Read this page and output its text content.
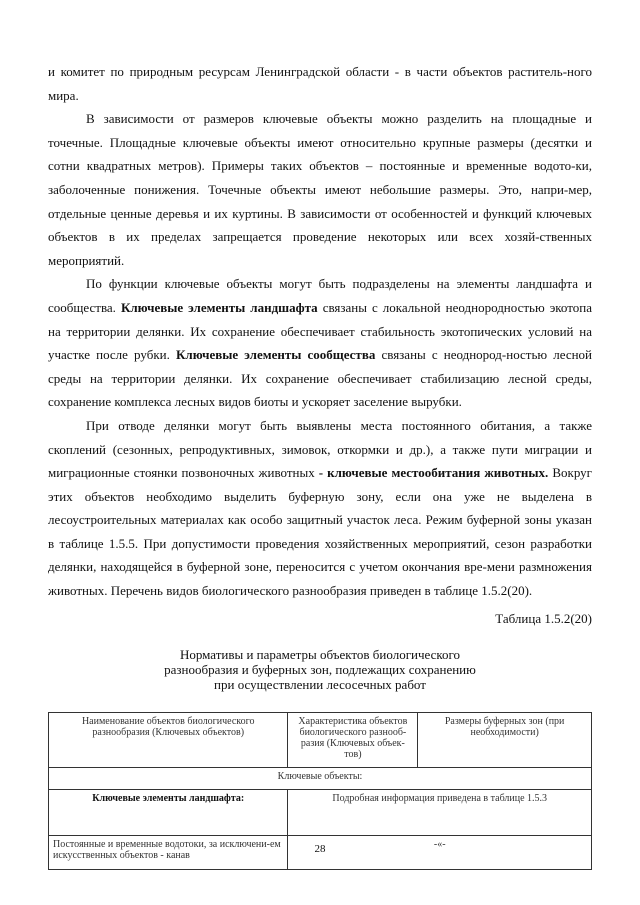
и комитет по природным ресурсам Ленинградской области - в части объектов раститель-ного мира.

В зависимости от размеров ключевые объекты можно разделить на площадные и точечные. Площадные ключевые объекты имеют относительно крупные размеры (десятки и сотни квадратных метров). Примеры таких объектов – постоянные и временные водото-ки, заболоченные понижения. Точечные объекты имеют небольшие размеры. Это, напри-мер, отдельные ценные деревья и их куртины. В зависимости от особенностей и функций ключевых объектов в их пределах запрещается проведение некоторых или всех хозяй-ственных мероприятий.

По функции ключевые объекты могут быть подразделены на элементы ландшафта и сообщества. Ключевые элементы ландшафта связаны с локальной неоднородностью экотопа на территории делянки. Их сохранение обеспечивает стабильность экотопических условий на участке после рубки. Ключевые элементы сообщества связаны с неоднород-ностью лесной среды на территории делянки. Их сохранение обеспечивает стабилизацию лесной среды, сохранение комплекса лесных видов биоты и ускоряет заселение вырубки.

При отводе делянки могут быть выявлены места постоянного обитания, а также скоплений (сезонных, репродуктивных, зимовок, откормки и др.), а также пути миграции и миграционные стоянки позвоночных животных - ключевые местообитания животных. Вокруг этих объектов необходимо выделить буферную зону, если она уже не выделена в лесоустроительных материалах как особо защитный участок леса. Режим буферной зоны указан в таблице 1.5.5. При допустимости проведения хозяйственных мероприятий, сезон разработки делянки, находящейся в буферной зоне, переносится с учетом окончания вре-мени размножения животных. Перечень видов биологического разнообразия приведен в таблице 1.5.2(20).

Таблица 1.5.2(20)
Нормативы и параметры объектов биологического
разнообразия и буферных зон, подлежащих сохранению
при осуществлении лесосечных работ
Наименование объектов биологического разнообразия (Ключевых объектов)	Характеристика объектов биологического разнооб-разия (Ключевых объек-тов)	Размеры буферных зон (при необходимости)
Ключевые объекты:		
Ключевые элементы ландшафта:	Подробная информация приведена в таблице 1.5.3	
Постоянные и временные водотоки, за исключени-ем искусственных объектов - канав	-«-	
28
